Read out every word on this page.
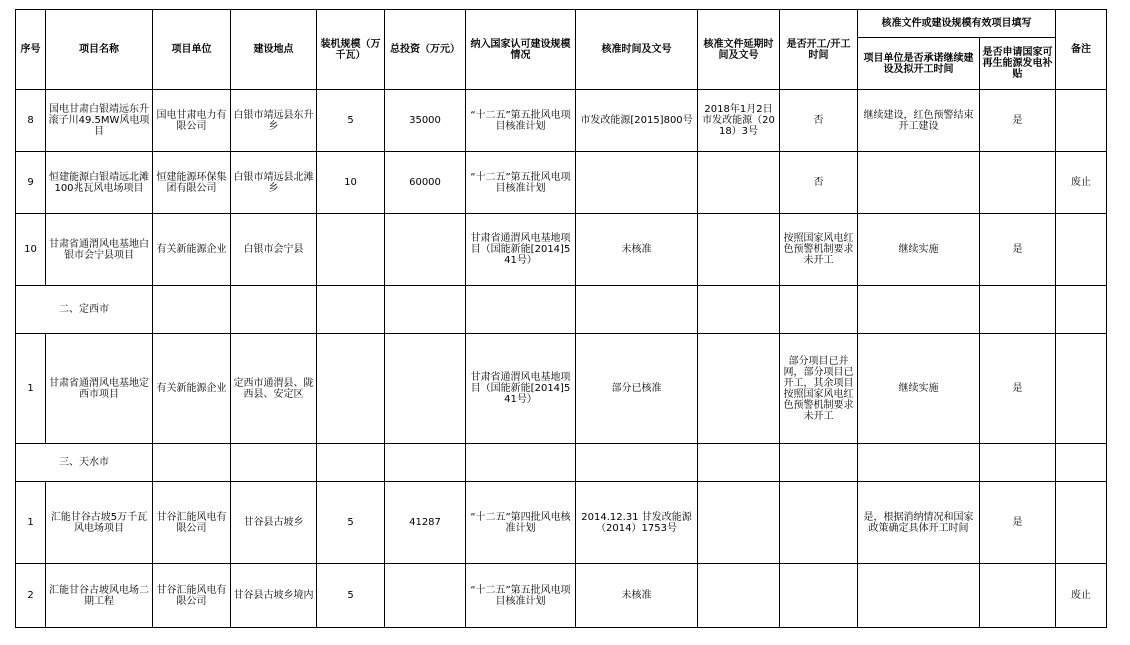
序号	项目名称	项目单位	建设地点	装机规模（万千瓦）	总投资（万元）	纳入国家认可建设规模情况	核准时间及文号	核准文件延期时间及文号	是否开工/开工时间	核准文件或建设规模有效项目填写		备注
										项目单位是否承诺继续建设及拟开工时间	是否申请国家可再生能源发电补贴	
8	国电甘肃白银靖远东升滚子川49.5MW风电项目	国电甘肃电力有限公司	白银市靖远县东升乡	5	35000	“十二五”第五批风电项目核准计划	市发改能源[2015]800号	2018年1月2日 市发改能源（2018）3号	否	继续建设，红色预警结束开工建设	是	
9	恒建能源白银靖远北滩100兆瓦风电场项目	恒建能源环保集团有限公司	白银市靖远县北滩乡	10	60000	“十二五”第五批风电项目核准计划			否			废止
10	甘肃省通渭风电基地白银市会宁县项目	有关新能源企业	白银市会宁县			甘肃省通渭风电基地项目（国能新能[2014]541号）	未核准		按照国家风电红色预警机制要求未开工	继续实施	是	
二、定西市												
1	甘肃省通渭风电基地定西市项目	有关新能源企业	定西市通渭县、陇西县、安定区			甘肃省通渭风电基地项目（国能新能[2014]541号）	部分已核准		部分项目已并网，部分项目已开工，其余项目按照国家风电红色预警机制要求未开工	继续实施	是	
三、天水市												
1	汇能甘谷古坡5万千瓦风电场项目	甘谷汇能风电有限公司	甘谷县古坡乡	5	41287	“十二五”第四批风电核准计划	2014.12.31 甘发改能源（2014）1753号			是，根据消纳情况和国家政策确定具体开工时间	是	
2	汇能甘谷古坡风电场二期工程	甘谷汇能风电有限公司	甘谷县古坡乡境内	5		“十二五”第五批风电项目核准计划	未核准					废止
